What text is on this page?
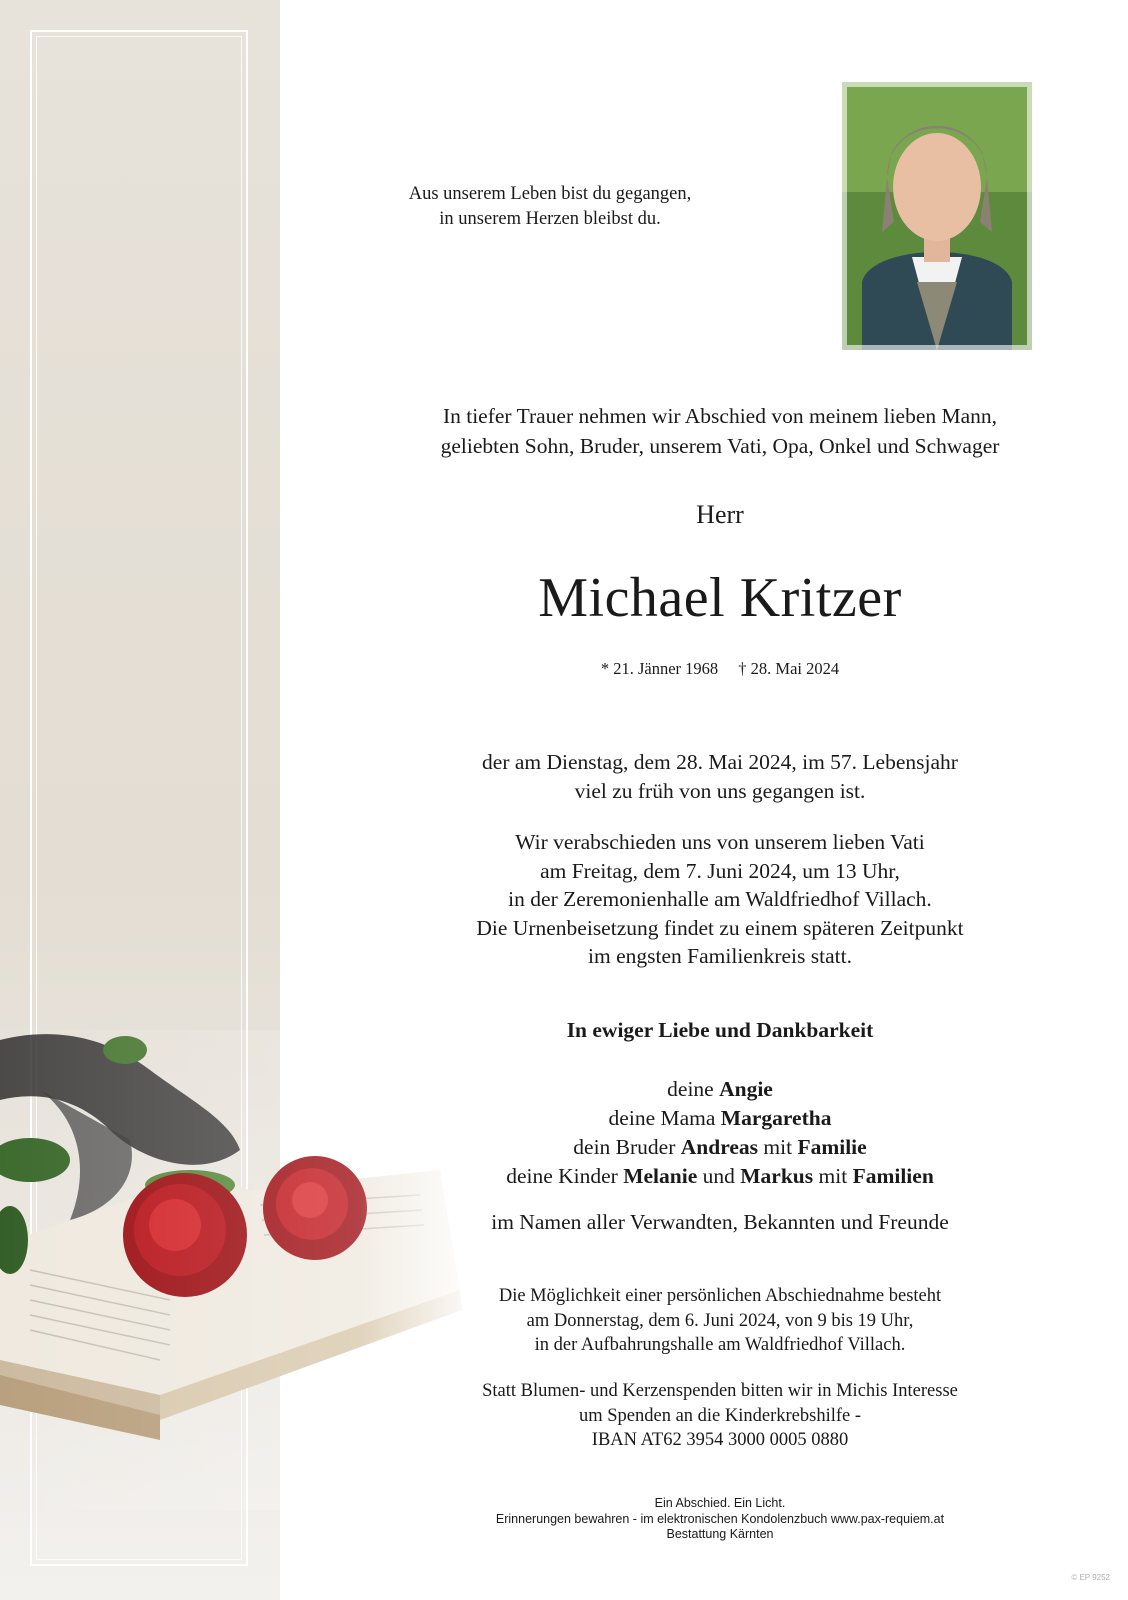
Aus unserem Leben bist du gegangen,
in unserem Herzen bleibst du.
In tiefer Trauer nehmen wir Abschied von meinem lieben Mann,
geliebten Sohn, Bruder, unserem Vati, Opa, Onkel und Schwager
Herr
Michael Kritzer
* 21. Jänner 1968 † 28. Mai 2024
der am Dienstag, dem 28. Mai 2024, im 57. Lebensjahr
viel zu früh von uns gegangen ist.
Wir verabschieden uns von unserem lieben Vati
am Freitag, dem 7. Juni 2024, um 13 Uhr,
in der Zeremonienhalle am Waldfriedhof Villach.
Die Urnenbeisetzung findet zu einem späteren Zeitpunkt
im engsten Familienkreis statt.
In ewiger Liebe und Dankbarkeit
deine Angie
deine Mama Margaretha
dein Bruder Andreas mit Familie
deine Kinder Melanie und Markus mit Familien
im Namen aller Verwandten, Bekannten und Freunde
Die Möglichkeit einer persönlichen Abschiednahme besteht
am Donnerstag, dem 6. Juni 2024, von 9 bis 19 Uhr,
in der Aufbahrungshalle am Waldfriedhof Villach.
Statt Blumen- und Kerzenspenden bitten wir in Michis Interesse
um Spenden an die Kinderkrebshilfe -
IBAN AT62 3954 3000 0005 0880
Ein Abschied. Ein Licht.
Erinnerungen bewahren - im elektronischen Kondolenzbuch www.pax-requiem.at
Bestattung Kärnten
© EP 9252
